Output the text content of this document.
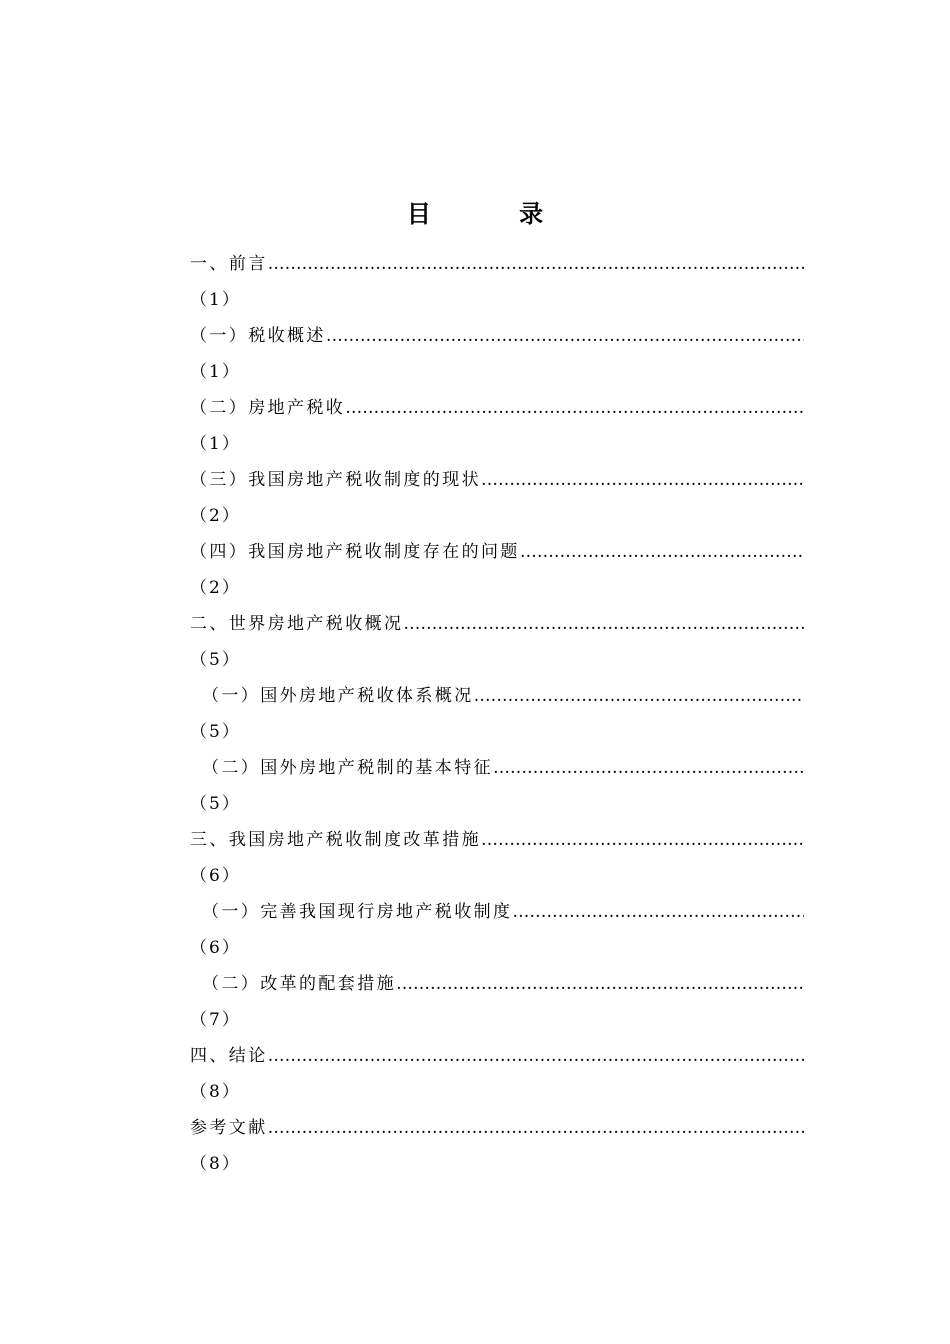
目 录
一、前言
……………………………………………………………………………………………………………………………………
（1）
（一）税收概述
……………………………………………………………………………………………………………………………………
（1）
（二）房地产税收
……………………………………………………………………………………………………………………………………
（1）
（三）我国房地产税收制度的现状
……………………………………………………………………………………………………………………………………
（2）
（四）我国房地产税收制度存在的问题
……………………………………………………………………………………………………………………………………
（2）
二、世界房地产税收概况
……………………………………………………………………………………………………………………………………
（5）
（一）国外房地产税收体系概况
……………………………………………………………………………………………………………………………………
（5）
（二）国外房地产税制的基本特征
……………………………………………………………………………………………………………………………………
（5）
三、我国房地产税收制度改革措施
……………………………………………………………………………………………………………………………………
（6）
（一）完善我国现行房地产税收制度
……………………………………………………………………………………………………………………………………
（6）
（二）改革的配套措施
……………………………………………………………………………………………………………………………………
（7）
四、结论
……………………………………………………………………………………………………………………………………
（8）
参考文献
……………………………………………………………………………………………………………………………………
（8）
